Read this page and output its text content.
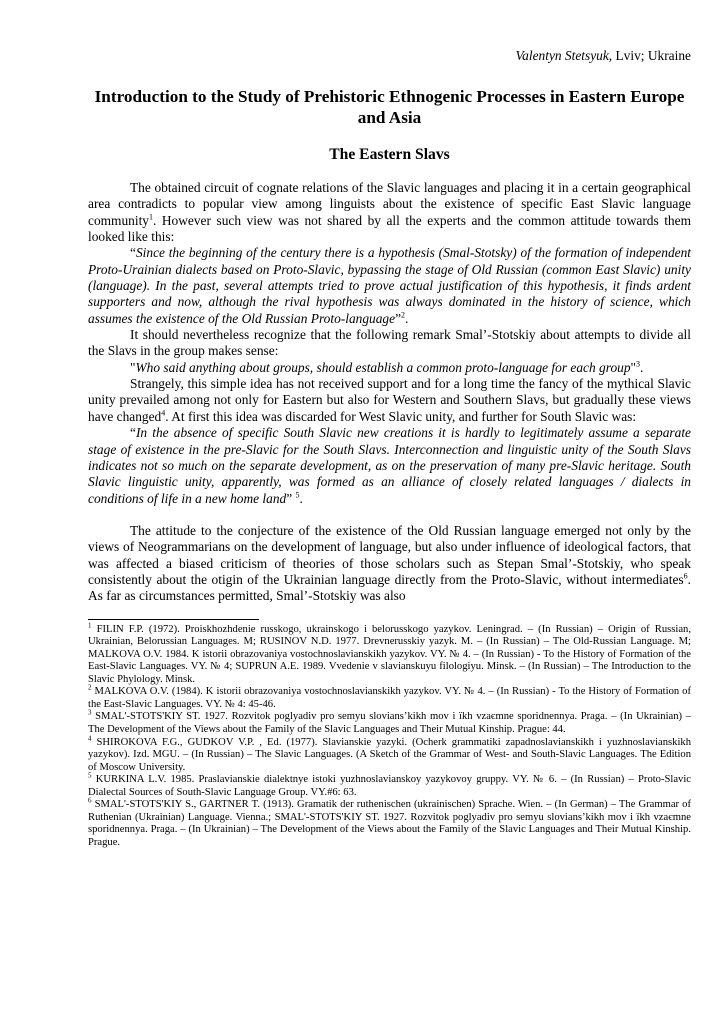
Valentyn Stetsyuk, Lviv; Ukraine
Introduction to the Study of Prehistoric Ethnogenic Processes in Eastern Europe and Asia
The Eastern Slavs

The obtained circuit of cognate relations of the Slavic languages and placing it in a certain geographical area contradicts to popular view among linguists about the existence of specific East Slavic language community$^1$. However such view was not shared by all the experts and the common attitude towards them looked like this:

“Since the beginning of the century there is a hypothesis (Smal-Stotsky) of the formation of independent Proto-Urainian dialects based on Proto-Slavic, bypassing the stage of Old Russian (common East Slavic) unity (language). In the past, several attempts tried to prove actual justification of this hypothesis, it finds ardent supporters and now, although the rival hypothesis was always dominated in the history of science, which assumes the existence of the Old Russian Proto-language”$^2$.

It should nevertheless recognize that the following remark Smal’-Stotskiy about attempts to divide all the Slavs in the group makes sense:

"Who said anything about groups, should establish a common proto-language for each group"$^3$.

Strangely, this simple idea has not received support and for a long time the fancy of the mythical Slavic unity prevailed among not only for Eastern but also for Western and Southern Slavs, but gradually these views have changed$^4$. At first this idea was discarded for West Slavic unity, and further for South Slavic was:

“In the absence of specific South Slavic new creations it is hardly to legitimately assume a separate stage of existence in the pre-Slavic for the South Slavs. Interconnection and linguistic unity of the South Slavs indicates not so much on the separate development, as on the preservation of many pre-Slavic heritage. South Slavic linguistic unity, apparently, was formed as an alliance of closely related languages / dialects in conditions of life in a new home land” $^5$.

The attitude to the conjecture of the existence of the Old Russian language emerged not only by the views of Neogrammarians on the development of language, but also under influence of ideological factors, that was affected a biased criticism of theories of those scholars such as Stepan Smal’-Stotskiy, who speak consistently about the otigin of the Ukrainian language directly from the Proto-Slavic, without intermediates$^6$. As far as circumstances permitted, Smal’-Stotskiy was also

$^1$ FILIN F.P. (1972). Proiskhozhdenie russkogo, ukrainskogo i belorusskogo yazykov. Leningrad. – (In Russian) – Origin of Russian, Ukrainian, Belorussian Languages. M; RUSINOV N.D. 1977. Drevnerusskiy yazyk. M. – (In Russian) – The Old-Russian Language. M; MALKOVA O.V. 1984. K istorii obrazovaniya vostochnoslavianskikh yazykov. VY. № 4. – (In Russian) - To the History of Formation of the East-Slavic Languages. VY. № 4; SUPRUN A.E. 1989. Vvedenie v slavianskuyu filologiyu. Minsk. – (In Russian) – The Introduction to the Slavic Phylology. Minsk.

$^2$ MALKOVA O.V. (1984). K istorii obrazovaniya vostochnoslavianskikh yazykov. VY. № 4. – (In Russian) - To the History of Formation of the East-Slavic Languages. VY. № 4: 45-46.

$^3$ SMAL'-STOTS'KIY ST. 1927. Rozvitok poglyadiv pro semyu slovians’kikh mov i ïkh vzaєmne sporidnennya. Praga. – (In Ukrainian) – The Development of the Views about the Family of the Slavic Languages and Their Mutual Kinship. Prague: 44.

$^4$ SHIROKOVA F.G., GUDKOV V.P. , Ed. (1977). Slavianskie yazyki. (Ocherk grammatiki zapadnoslavianskikh i yuzhnoslavianskikh yazykov). Izd. MGU. – (In Russian) – The Slavic Languages. (A Sketch of the Grammar of West- and South-Slavic Languages. The Edition of Moscow University.

$^5$ KURKINA L.V. 1985. Praslavianskie dialektnye istoki yuzhnoslavianskoy yazykovoy gruppy. VY. № 6. – (In Russian) – Proto-Slavic Dialectal Sources of South-Slavic Language Group. VY.#6: 63.

$^6$ SMAL'-STOTS'KIY S., GARTNER T. (1913). Gramatik der ruthenischen (ukrainischen) Sprache. Wien. – (In German) – The Grammar of Ruthenian (Ukrainian) Language. Vienna.; SMAL'-STOTS'KIY ST. 1927. Rozvitok poglyadiv pro semyu slovians’kikh mov i ïkh vzaєmne sporidnennya. Praga. – (In Ukrainian) – The Development of the Views about the Family of the Slavic Languages and Their Mutual Kinship. Prague.
